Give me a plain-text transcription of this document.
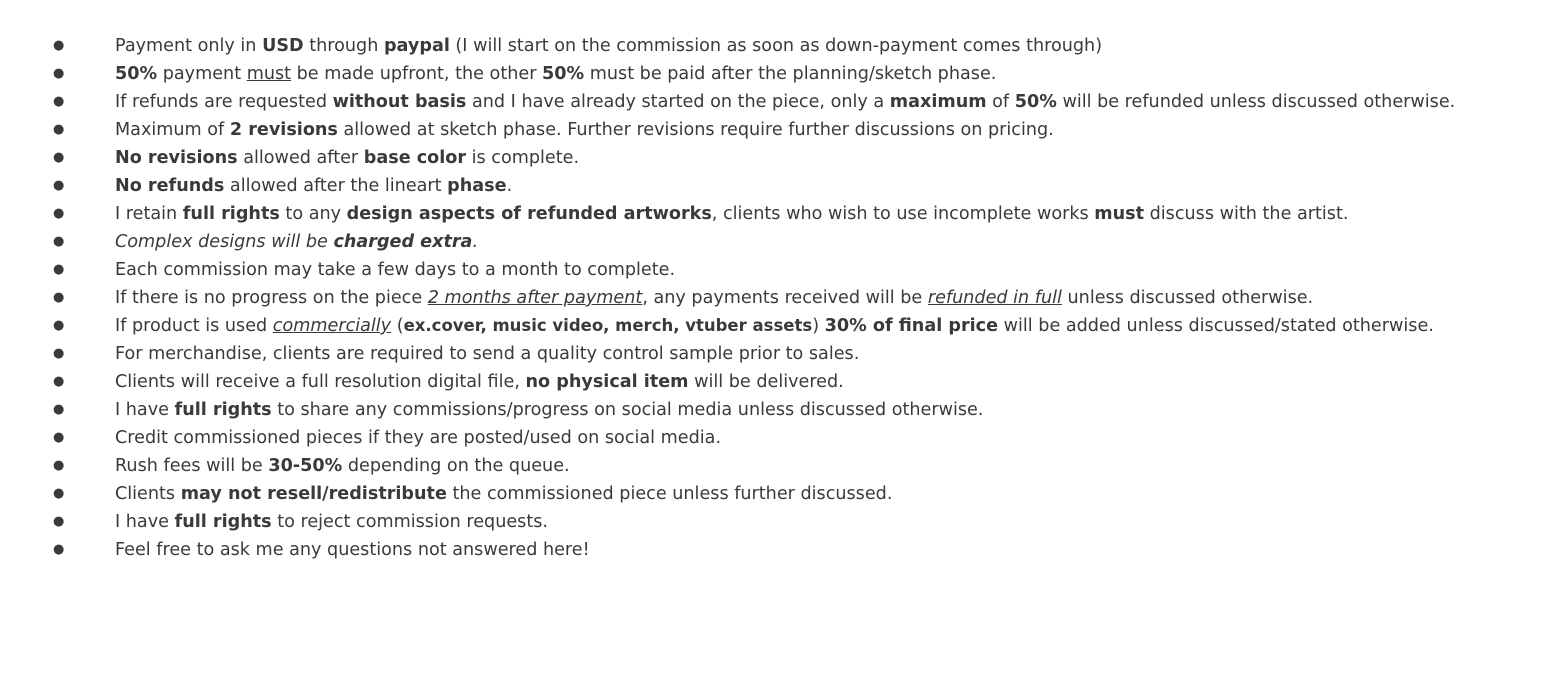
●	Payment only in USD through paypal (I will start on the commission as soon as down-payment comes through)
●	50% payment must be made upfront, the other 50% must be paid after the planning/sketch phase.
●	If refunds are requested without basis and I have already started on the piece, only a maximum of 50% will be refunded unless discussed otherwise.
●	Maximum of 2 revisions allowed at sketch phase. Further revisions require further discussions on pricing.
●	No revisions allowed after base color is complete.
●	No refunds allowed after the lineart phase.
●	I retain full rights to any design aspects of refunded artworks, clients who wish to use incomplete works must discuss with the artist.
●	Complex designs will be charged extra.
●	Each commission may take a few days to a month to complete.
●	If there is no progress on the piece 2 months after payment, any payments received will be refunded in full unless discussed otherwise.
●	If product is used commercially (ex.cover, music video, merch, vtuber assets) 30% of final price will be added unless discussed/stated otherwise.
●	For merchandise, clients are required to send a quality control sample prior to sales.
●	Clients will receive a full resolution digital file, no physical item will be delivered.
●	I have full rights to share any commissions/progress on social media unless discussed otherwise.
●	Credit commissioned pieces if they are posted/used on social media.
●	Rush fees will be 30-50% depending on the queue.
●	Clients may not resell/redistribute the commissioned piece unless further discussed.
●	I have full rights to reject commission requests.
●	Feel free to ask me any questions not answered here!
